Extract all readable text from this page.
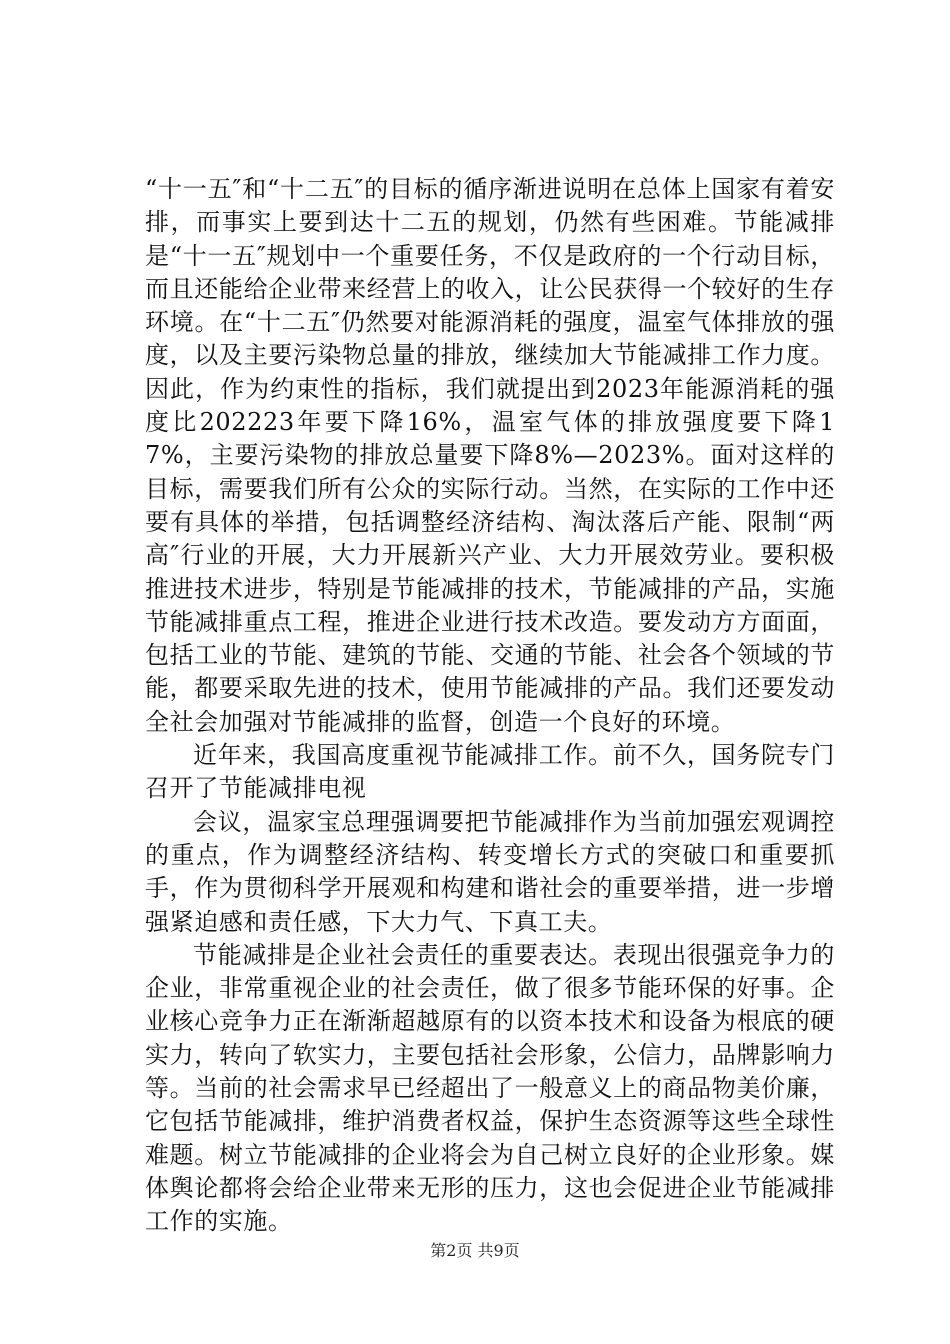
“十一五″和“十二五″的目标的循序渐进说明在总体上国家有着安排，而事实上要到达十二五的规划，仍然有些困难。节能减排是“十一五″规划中一个重要任务，不仅是政府的一个行动目标，而且还能给企业带来经营上的收入，让公民获得一个较好的生存环境。在“十二五″仍然要对能源消耗的强度，温室气体排放的强度，以及主要污染物总量的排放，继续加大节能减排工作力度。因此，作为约束性的指标，我们就提出到2023年能源消耗的强度比202223年要下降16%，温室气体的排放强度要下降17%，主要污染物的排放总量要下降8%—2023%。面对这样的目标，需要我们所有公众的实际行动。当然，在实际的工作中还要有具体的举措，包括调整经济结构、淘汰落后产能、限制“两高″行业的开展，大力开展新兴产业、大力开展效劳业。要积极推进技术进步，特别是节能减排的技术，节能减排的产品，实施节能减排重点工程，推进企业进行技术改造。要发动方方面面，包括工业的节能、建筑的节能、交通的节能、社会各个领域的节能，都要采取先进的技术，使用节能减排的产品。我们还要发动全社会加强对节能减排的监督，创造一个良好的环境。

近年来，我国高度重视节能减排工作。前不久，国务院专门召开了节能减排电视

会议，温家宝总理强调要把节能减排作为当前加强宏观调控的重点，作为调整经济结构、转变增长方式的突破口和重要抓手，作为贯彻科学开展观和构建和谐社会的重要举措，进一步增强紧迫感和责任感，下大力气、下真工夫。

节能减排是企业社会责任的重要表达。表现出很强竞争力的企业，非常重视企业的社会责任，做了很多节能环保的好事。企业核心竞争力正在渐渐超越原有的以资本技术和设备为根底的硬实力，转向了软实力，主要包括社会形象，公信力，品牌影响力等。当前的社会需求早已经超出了一般意义上的商品物美价廉，它包括节能减排，维护消费者权益，保护生态资源等这些全球性难题。树立节能减排的企业将会为自己树立良好的企业形象。媒体舆论都将会给企业带来无形的压力，这也会促进企业节能减排工作的实施。

第2页 共9页
